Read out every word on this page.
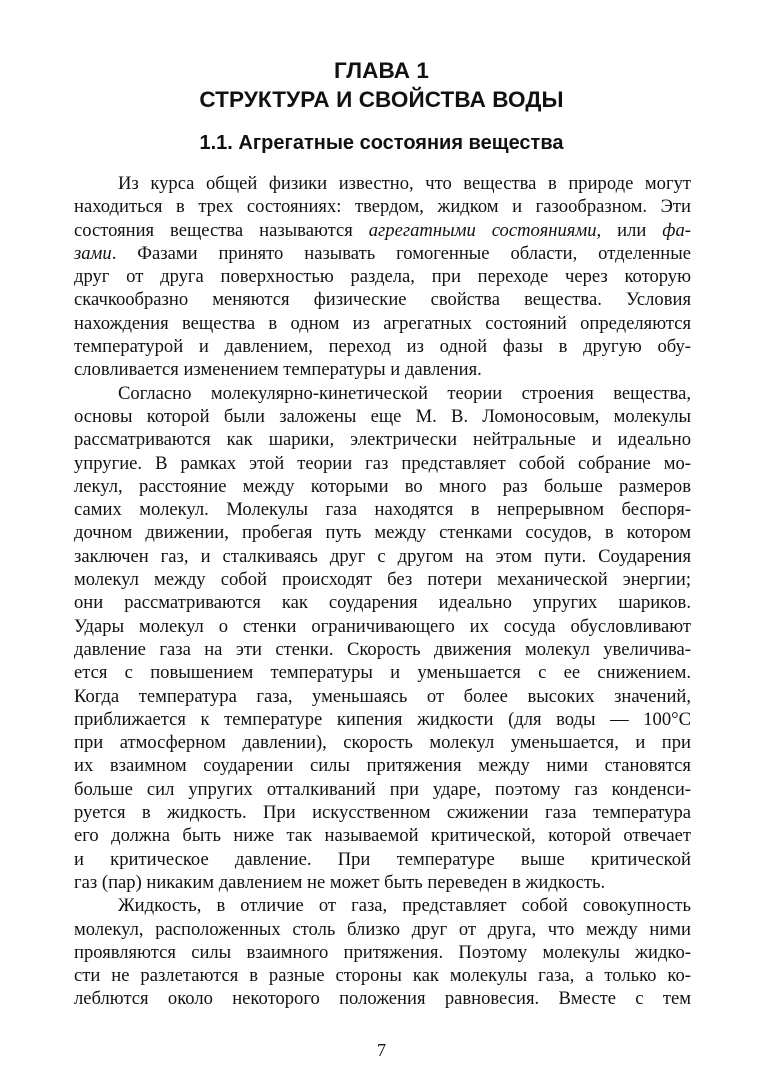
ГЛАВА 1
СТРУКТУРА И СВОЙСТВА ВОДЫ
1.1. Агрегатные состояния вещества
Из курса общей физики известно, что вещества в природе могут
находиться в трех состояниях: твердом, жидком и газообразном. Эти
состояния вещества называются агрегатными состояниями, или фа-
зами. Фазами принято называть гомогенные области, отделенные
друг от друга поверхностью раздела, при переходе через которую
скачкообразно меняются физические свойства вещества. Условия
нахождения вещества в одном из агрегатных состояний определяются
температурой и давлением, переход из одной фазы в другую обу-
словливается изменением температуры и давления.
Согласно молекулярно-кинетической теории строения вещества,
основы которой были заложены еще М. В. Ломоносовым, молекулы
рассматриваются как шарики, электрически нейтральные и идеально
упругие. В рамках этой теории газ представляет собой собрание мо-
лекул, расстояние между которыми во много раз больше размеров
самих молекул. Молекулы газа находятся в непрерывном беспоря-
дочном движении, пробегая путь между стенками сосудов, в котором
заключен газ, и сталкиваясь друг с другом на этом пути. Соударения
молекул между собой происходят без потери механической энергии;
они рассматриваются как соударения идеально упругих шариков.
Удары молекул о стенки ограничивающего их сосуда обусловливают
давление газа на эти стенки. Скорость движения молекул увеличива-
ется с повышением температуры и уменьшается с ее снижением.
Когда температура газа, уменьшаясь от более высоких значений,
приближается к температуре кипения жидкости (для воды — 100°С
при атмосферном давлении), скорость молекул уменьшается, и при
их взаимном соударении силы притяжения между ними становятся
больше сил упругих отталкиваний при ударе, поэтому газ конденси-
руется в жидкость. При искусственном сжижении газа температура
его должна быть ниже так называемой критической, которой отвечает
и критическое давление. При температуре выше критической
газ (пар) никаким давлением не может быть переведен в жидкость.
Жидкость, в отличие от газа, представляет собой совокупность
молекул, расположенных столь близко друг от друга, что между ними
проявляются силы взаимного притяжения. Поэтому молекулы жидко-
сти не разлетаются в разные стороны как молекулы газа, а только ко-
леблются около некоторого положения равновесия. Вместе с тем
7
